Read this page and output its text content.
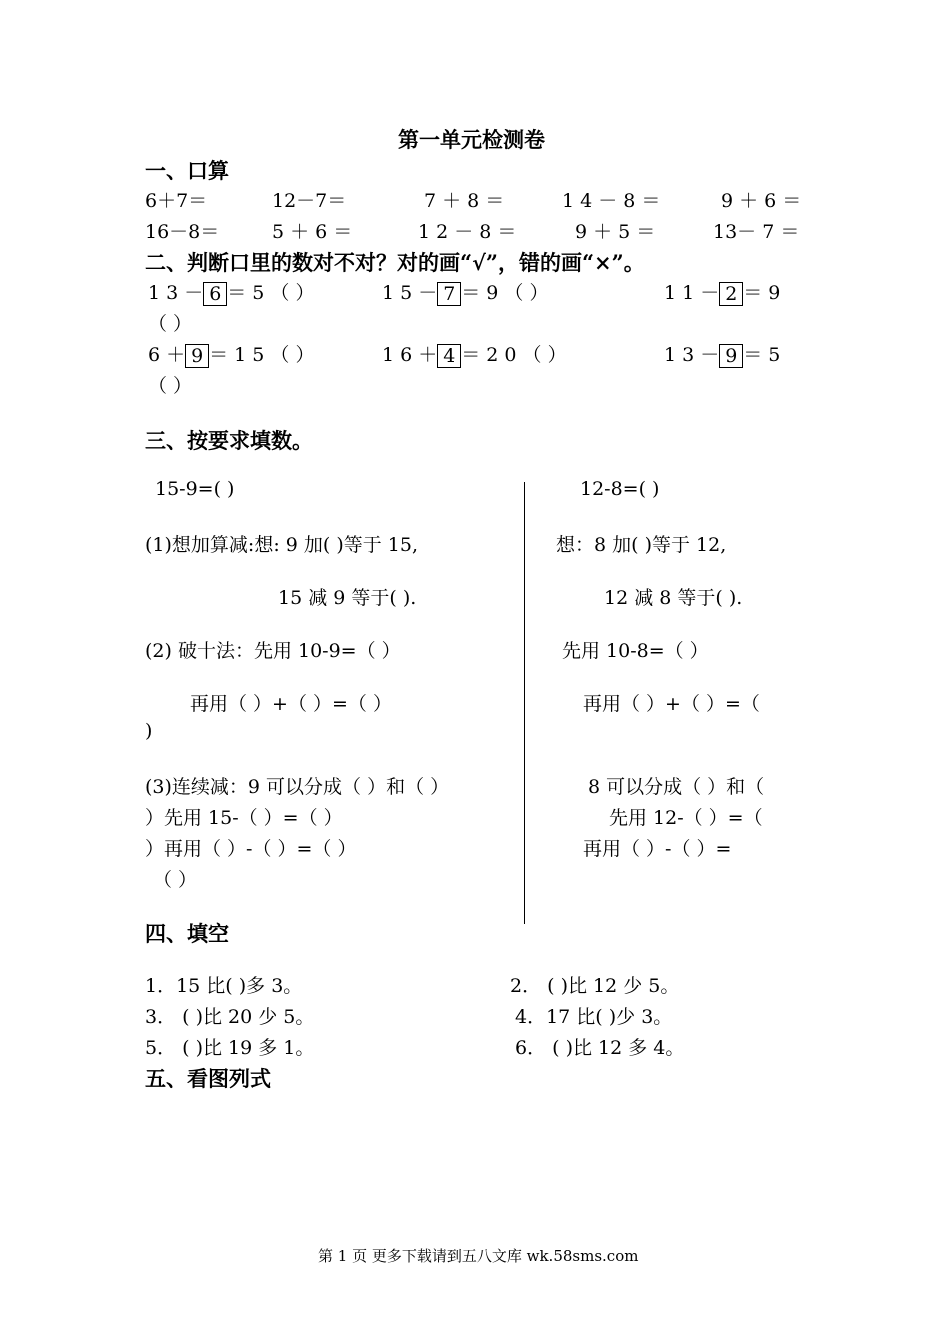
第一单元检测卷
一、口算
6＋7＝	12－7＝	7 ＋ 8 ＝	1 4 － 8 ＝	9 ＋ 6 ＝
16－8＝	5 ＋ 6 ＝	1 2 － 8 ＝	9 ＋ 5 ＝	13－ 7 ＝
二、判断口里的数对不对？对的画“√”，错的画“×”。
1 3 － 6 ＝ 5 （ ）	1 5 － 7 ＝ 9 （ ）	1 1 － 2 ＝ 9
（ ）
6 ＋ 9 ＝ 1 5 （ ）	1 6 ＋ 4 ＝ 2 0 （ ）	1 3 － 9 ＝ 5
（ ）
三、按要求填数。
15-9=( )
(1)想加算减:想: 9 加( )等于 15,
15 减 9 等于( ).
(2) 破十法：先用 10-9=（ ）
再用（ ）+（ ）=（ ）
)
(3)连续减：9 可以分成（ ）和（ ）
）先用 15-（ ）=（ ）
）再用（ ）-（ ）=（ ）
（ ）
12-8=( )
想：8 加( )等于 12,
12 减 8 等于( ).
先用 10-8=（ ）
再用（ ）+（ ）=（
8 可以分成（ ）和（
先用 12-（ ）=（
再用（ ）-（ ）=
四、填空
1．15 比( )多 3。	2． ( )比 12 少 5。
3． ( )比 20 少 5。	4．17 比( )少 3。
5． ( )比 19 多 1。	6． ( )比 12 多 4。
五、看图列式
第 1 页 更多下载请到五八文库 wk.58sms.com
